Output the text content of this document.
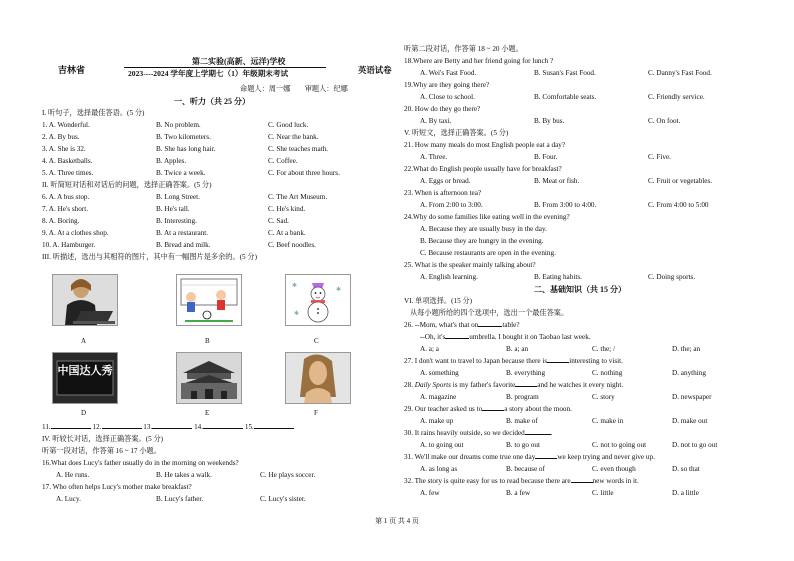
吉林省
第二实验(高新、远洋)学校
2023----2024 学年度上学期七（1）年级期末考试	英语试卷
命题人：周一娜　　审题人：纪娜
一、听力（共 25 分）
I. 听句子，选择最佳答语。(5 分)
1. A. Wonderful.	B. No problem.	C. Good luck.
2. A. By bus.	B. Two kilometers.	C. Near the bank.
3. A. She is 32.	B. She has long hair.	C. She teaches math.
4. A. Basketballs.	B. Apples.	C. Coffee.
5. A. Three times.	B. Twice a week.	C. For about three hours.
II. 听简短对话和对话后的问题，选择正确答案。(5 分)
6. A. A bus stop.	B. Long Street.	C. The Art Museum.
7. A. He's short.	B. He's tall.	C. He's kind.
8. A. Boring.	B. Interesting.	C. Sad.
9. A. At a clothes shop.	B. At a restaurant.	C. At a bank.
10. A. Hamburger.	B. Bread and milk.	C. Beef noodles.
III. 听描述，选出与其相符的图片，其中有一幅图片是多余的。(5 分)
A	B
✱
✱
✱
C
中国达人秀
D	E	F
11.	12.	13.	14.	15.
IV. 听较长对话，选择正确答案。(5 分)
听第一段对话，作答第 16 ~ 17 小题。
16.What does Lucy's father usually do in the morning on weekends?
A. He runs.	B. He takes a walk.	C. He plays soccer.
17. Who often helps Lucy's mother make breakfast?
A. Lucy.	B. Lucy's father.	C. Lucy's sister.
听第二段对话，作答第 18 ~ 20 小题。
18.Where are Betty and her friend going for lunch ?
A. Wei's Fast Food.	B. Susan's Fast Food.	C. Danny's Fast Food.
19.Why are they going there?
A. Close to school.	B. Comfortable seats.	C. Friendly service.
20. How do they go there?
A. By taxi.	B. By bus.	C. On foot.
V. 听短文，选择正确答案。(5 分)
21. How many meals do most English people eat a day?
A. Three.	B. Four.	C. Five.
22.What do English people usually have for breakfast?
A. Eggs or bread.	B. Meat or fish.	C. Fruit or vegetables.
23. When is afternoon tea?
A. From 2:00 to 3:00.	B. From 3:00 to 4:00.	C. From 4:00 to 5:00
24.Why do some families like eating well in the evening?
A. Because they are usually busy in the day.
B. Because they are hungry in the evening.
C. Because restaurants are open in the evening.
25. What is the speaker mainly talking about?
A. English learning.	B. Eating habits.	C. Doing sports.
二、基础知识（共 15 分）
VI. 单项选择。(15 分)
从每小题所给的四个选项中，选出一个最佳答案。
26. --Mom, what's that on	table?
--Oh, it's	umbrella. I bought it on Taobao last week.
A. a; a	B. a; an	C. the; /	D. the; an
27. I don't want to travel to Japan because there is	interesting to visit.
A. something	B. everything	C. nothing	D. anything
28. Daily Sports is my father's favorite	and he watches it every night.
A. magazine	B. program	C. story	D. newspaper
29. Our teacher asked us to	a story about the moon.
A. make up	B. make of	C. make in	D. make out
30. It rains heavily outside, so we decided	.
A. to going out	B. to go out	C. not to going out	D. not to go out
31. We'll make our dreams come true one day	we keep trying and never give up.
A. as long as	B. because of	C. even though	D. so that
32. The story is quite easy for us to read because there are	new words in it.
A. few	B. a few	C. little	D. a little
第 1 页 共 4 页
